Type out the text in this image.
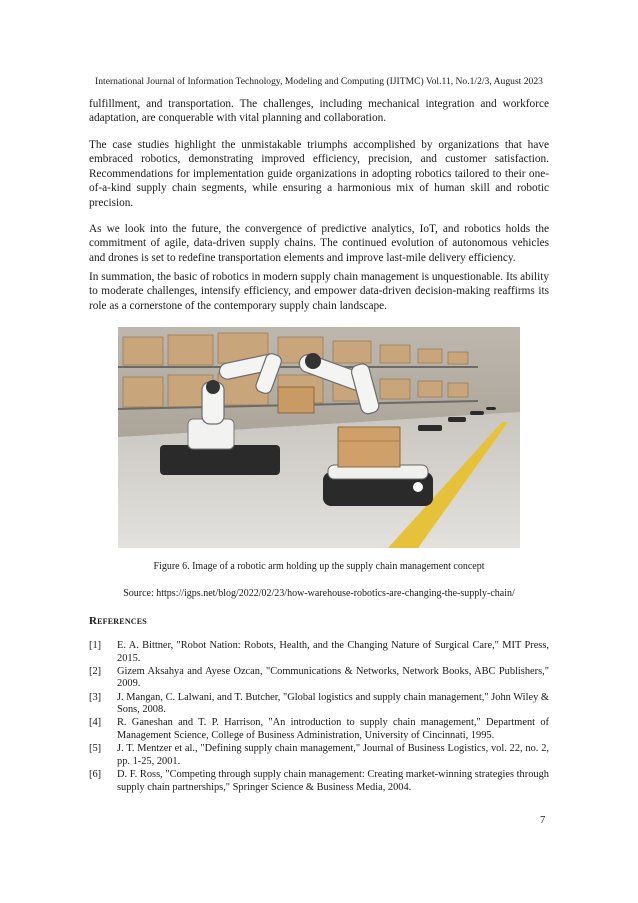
International Journal of Information Technology, Modeling and Computing (IJITMC) Vol.11, No.1/2/3, August 2023
fulfillment, and transportation. The challenges, including mechanical integration and workforce adaptation, are conquerable with vital planning and collaboration.
The case studies highlight the unmistakable triumphs accomplished by organizations that have embraced robotics, demonstrating improved efficiency, precision, and customer satisfaction. Recommendations for implementation guide organizations in adopting robotics tailored to their one-of-a-kind supply chain segments, while ensuring a harmonious mix of human skill and robotic precision.
As we look into the future, the convergence of predictive analytics, IoT, and robotics holds the commitment of agile, data-driven supply chains. The continued evolution of autonomous vehicles and drones is set to redefine transportation elements and improve last-mile delivery efficiency.
In summation, the basic of robotics in modern supply chain management is unquestionable. Its ability to moderate challenges, intensify efficiency, and empower data-driven decision-making reaffirms its role as a cornerstone of the contemporary supply chain landscape.
Figure 6. Image of a robotic arm holding up the supply chain management concept
Source: https://igps.net/blog/2022/02/23/how-warehouse-robotics-are-changing-the-supply-chain/
References
[1]	E. A. Bittner, "Robot Nation: Robots, Health, and the Changing Nature of Surgical Care," MIT Press, 2015.
[2]	Gizem Aksahya and Ayese Ozcan, "Communications & Networks, Network Books, ABC Publishers," 2009.
[3]	J. Mangan, C. Lalwani, and T. Butcher, "Global logistics and supply chain management," John Wiley & Sons, 2008.
[4]	R. Ganeshan and T. P. Harrison, "An introduction to supply chain management," Department of Management Science, College of Business Administration, University of Cincinnati, 1995.
[5]	J. T. Mentzer et al., "Defining supply chain management," Journal of Business Logistics, vol. 22, no. 2, pp. 1-25, 2001.
[6]	D. F. Ross, "Competing through supply chain management: Creating market-winning strategies through supply chain partnerships," Springer Science & Business Media, 2004.
7
